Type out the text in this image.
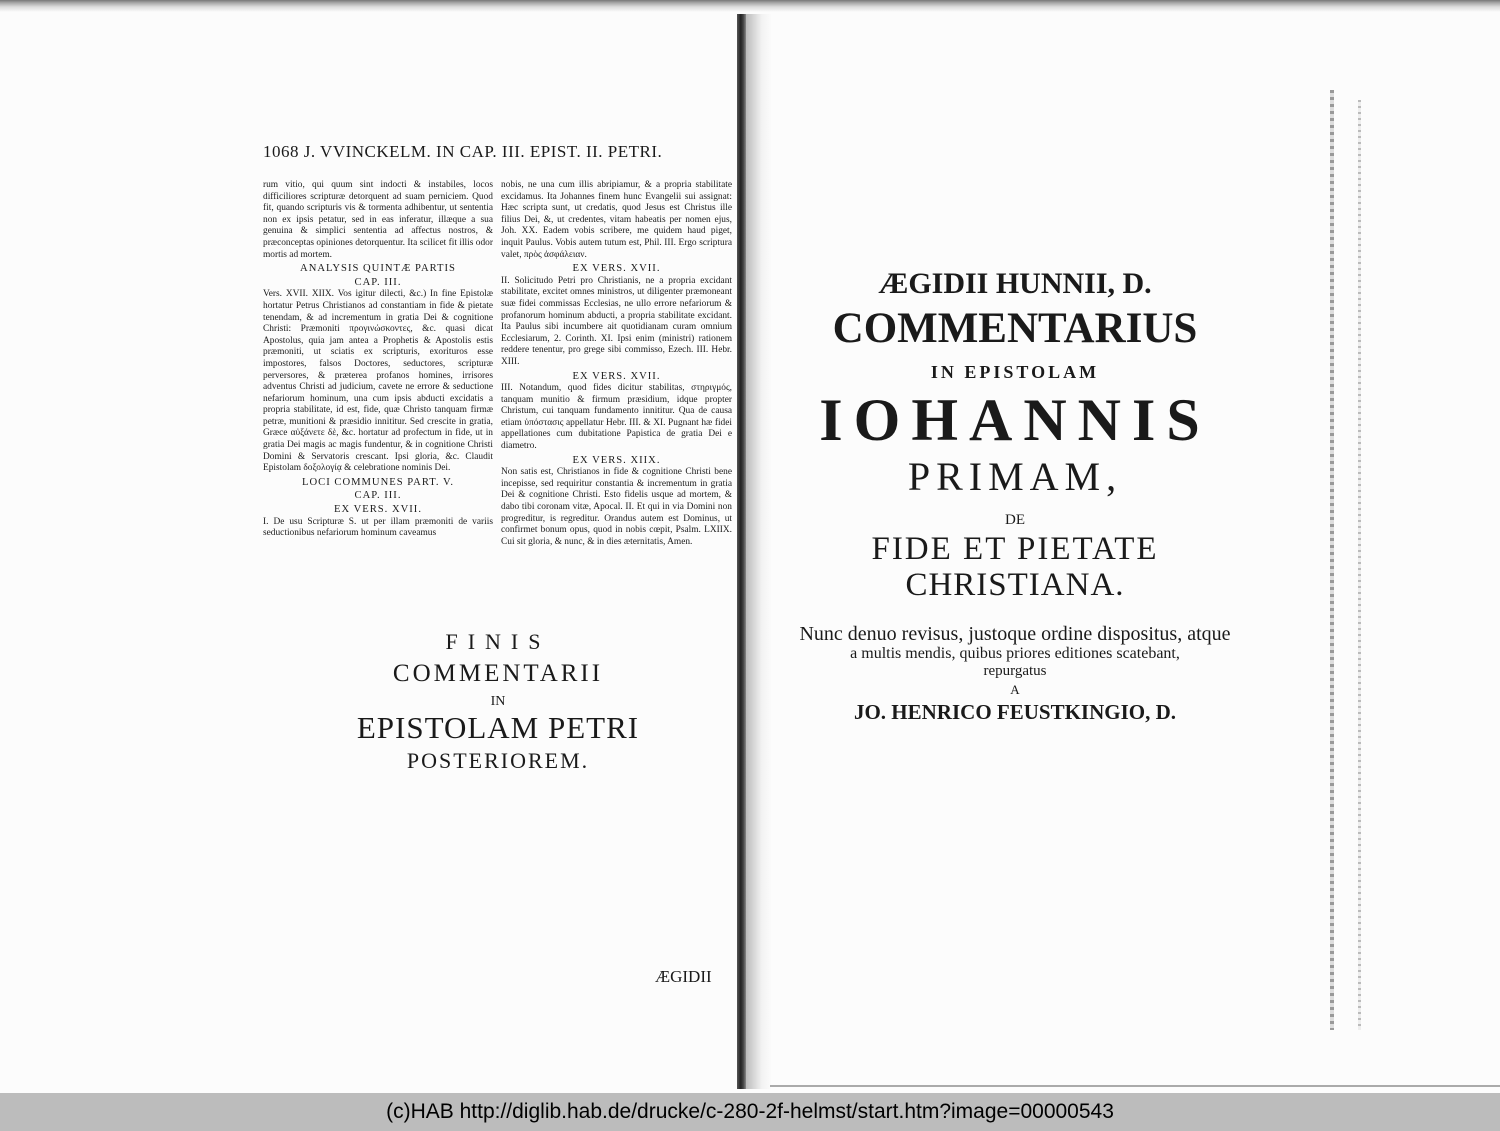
1068 J. VVINCKELM. IN CAP. III. EPIST. II. PETRI.

rum vitio, qui quum sint indocti & instabiles, locos difficiliores scripturæ detorquent ad suam perniciem. Quod fit, quando scripturis vis & tormenta adhibentur, ut sententia non ex ipsis petatur, sed in eas inferatur, illæque a sua genuina & simplici sententia ad affectus nostros, & præconceptas opiniones detorquentur. Ita scilicet fit illis odor mortis ad mortem.

ANALYSIS QUINTÆ PARTIS
CAP. III.

Vers. XVII. XIIX. Vos igitur dilecti, &c.) In fine Epistolæ hortatur Petrus Christianos ad constantiam in fide & pietate tenendam, & ad incrementum in gratia Dei & cognitione Christi: Præmoniti προγινώσκοντες, &c. quasi dicat Apostolus, quia jam antea a Prophetis & Apostolis estis præmoniti, ut sciatis ex scripturis, exorituros esse impostores, falsos Doctores, seductores, scripturæ perversores, & præterea profanos homines, irrisores adventus Christi ad judicium, cavete ne errore & seductione nefariorum hominum, una cum ipsis abducti excidatis a propria stabilitate, id est, fide, quæ Christo tanquam firmæ petræ, munitioni & præsidio innititur. Sed crescite in gratia, Græce αὐξάνετε δὲ, &c. hortatur ad profectum in fide, ut in gratia Dei magis ac magis fundentur, & in cognitione Christi Domini & Servatoris crescant. Ipsi gloria, &c. Claudit Epistolam δοξολογίᾳ & celebratione nominis Dei.

LOCI COMMUNES PART. V.
CAP. III.
EX VERS. XVII.

I. De usu Scripturæ S. ut per illam præmoniti de variis seductionibus nefariorum hominum caveamus

nobis, ne una cum illis abripiamur, & a propria stabilitate excidamus. Ita Johannes finem hunc Evangelii sui assignat: Hæc scripta sunt, ut credatis, quod Jesus est Christus ille filius Dei, &, ut credentes, vitam habeatis per nomen ejus, Joh. XX. Eadem vobis scribere, me quidem haud piget, inquit Paulus. Vobis autem tutum est, Phil. III. Ergo scriptura valet, πρὸς ἀσφάλειαν.

EX VERS. XVII.

II. Solicitudo Petri pro Christianis, ne a propria excidant stabilitate, excitet omnes ministros, ut diligenter præmoneant suæ fidei commissas Ecclesias, ne ullo errore nefariorum & profanorum hominum abducti, a propria stabilitate excidant. Ita Paulus sibi incumbere ait quotidianam curam omnium Ecclesiarum, 2. Corinth. XI. Ipsi enim (ministri) rationem reddere tenentur, pro grege sibi commisso, Ezech. III. Hebr. XIII.

EX VERS. XVII.

III. Notandum, quod fides dicitur stabilitas, στηριγμός, tanquam munitio & firmum præsidium, idque propter Christum, cui tanquam fundamento innititur. Qua de causa etiam ὑπόστασις appellatur Hebr. III. & XI. Pugnant hæ fidei appellationes cum dubitatione Papistica de gratia Dei e diametro.

EX VERS. XIIX.

Non satis est, Christianos in fide & cognitione Christi bene incepisse, sed requiritur constantia & incrementum in gratia Dei & cognitione Christi. Esto fidelis usque ad mortem, & dabo tibi coronam vitæ, Apocal. II. Et qui in via Domini non progreditur, is regreditur. Orandus autem est Dominus, ut confirmet bonum opus, quod in nobis cœpit, Psalm. LXIIX. Cui sit gloria, & nunc, & in dies æternitatis, Amen.

FINIS
COMMENTARII
IN
EPISTOLAM PETRI
POSTERIOREM.
ÆGIDII
ÆGIDII HUNNII, D.
COMMENTARIUS
IN EPISTOLAM
IOHANNIS
PRIMAM,
DE
FIDE ET PIETATE
CHRISTIANA.
Nunc denuo revisus, justoque ordine dispositus, atque
a multis mendis, quibus priores editiones scatebant,
repurgatus
A
JO. HENRICO FEUSTKINGIO, D.
(c)HAB http://diglib.hab.de/drucke/c-280-2f-helmst/start.htm?image=00000543
